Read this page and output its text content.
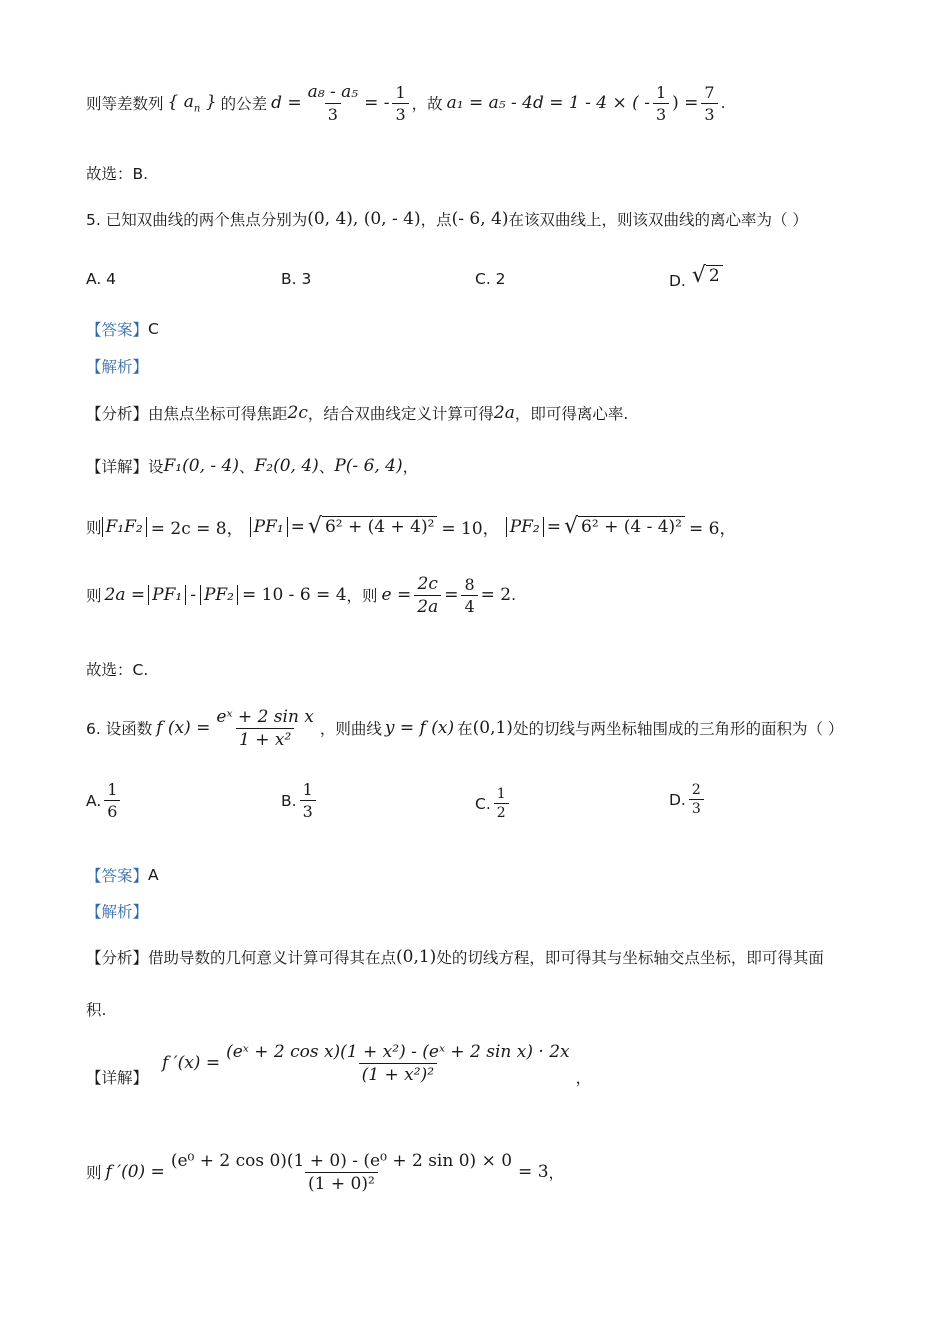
则等差数列 { $a_n$ } 的公差 $d = \frac{\text{a₈ - a₅}}{3}$ = - $\frac{1}{3}$ ，故 a₁ = a₅ - 4d = 1 - 4 × ( - $\frac{1}{3}$ ) = $\frac{7}{3}$ .
故选：B.
5. 已知双曲线的两个焦点分别为 (0, 4), (0, - 4) ，点 (- 6, 4) 在该双曲线上，则该双曲线的离心率为（ ）
A. 4	B. 3	C. 2	D. √ 2
【答案】 C
【解析】
【分析】由焦点坐标可得焦距 2c ，结合双曲线定义计算可得 2a ，即可得离心率.
【详解】设 F₁(0, - 4) 、 F₂(0, 4) 、 P(- 6, 4) ，
则 F₁F₂ = 2c = 8， PF₁ = √ 6² + (4 + 4)² = 10， PF₂ = √ 6² + (4 - 4)² = 6，
则 2a = PF₁ - PF₂ = 10 - 6 = 4 ，则 $e = \frac{2c}{2a} = \frac{8}{4} = 2$ .
故选：C.
6. 设函数 f $(x) = \frac{\text{eˣ + 2 sin x}}{\text{1 + x²}}$ ，则曲线 y = f (x) 在 (0,1) 处的切线与两坐标轴围成的三角形的面积为（ ）
A. $\frac{1}{6}$	B. $\frac{1}{3}$	C. $\frac{1}{2}$	D. $\frac{2}{3}$
【答案】 A
【解析】
【分析】借助导数的几何意义计算可得其在点 (0,1) 处的切线方程，即可得其与坐标轴交点坐标，即可得其面
积.
【详解】
f $'(x) = \frac{\text{(eˣ + 2 cos x)(1 + x²) - (eˣ + 2 sin x) · 2x}}{\text{(1 + x²)²}}$ ，
则 f $'(0) = \frac{\text{(e⁰ + 2 cos 0)(1 + 0) - (e⁰ + 2 sin 0) × 0}}{\text{(1 + 0)²}} = 3$ ，
